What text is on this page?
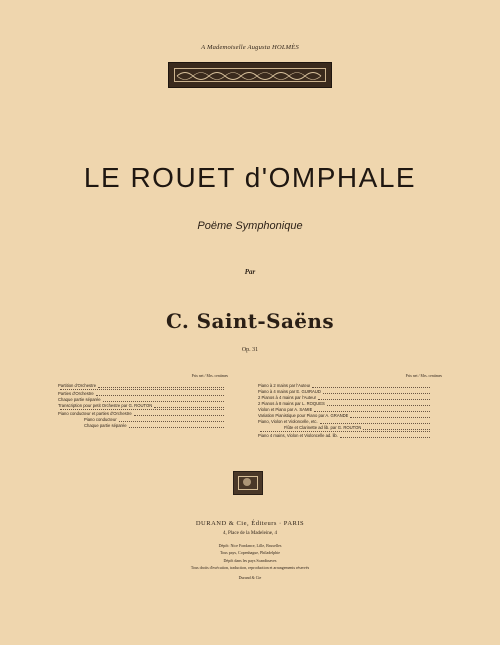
A Mademoiselle Augusta HOLMÈS
LE ROUET d'OMPHALE
Poëme Symphonique
Par
C. Saint-Saëns
Op. 31
Prix net / Mrs. centimes	Prix net / Mrs. centimes
Partition d'Orchestre
Parties d'Orchestre
Chaque partie séparée
Transcription pour petit Orchestre par G. ROUTON
Piano conducteur et parties d'Orchestre
Piano conducteur
Chaque partie séparée
Piano à 2 mains par l'Auteur
Piano à 4 mains par E. GUIRAUD
2 Pianos à 4 mains par l'Auteur
2 Pianos à 8 mains par L. ROQUES
Violon et Piano par A. SAMIE
Variation Pianistique pour Piano par A. GRANDE
Piano, Violon et Violoncelle, etc.
Flûte et Clarinette ad lib. par G. ROUTON
Piano 4 mains, Violon et Violoncelle ad. lib.
DURAND & Cie, Éditeurs · PARIS
4, Place de la Madeleine, 4
Dépôt: Nice Fondance, Lille, Bruxelles
Tous pays, Copenhague, Philadelphie
Dépôt dans les pays Scandinaves
Tous droits d'exécution, traduction, reproduction et arrangements réservés
Durand & Cie
